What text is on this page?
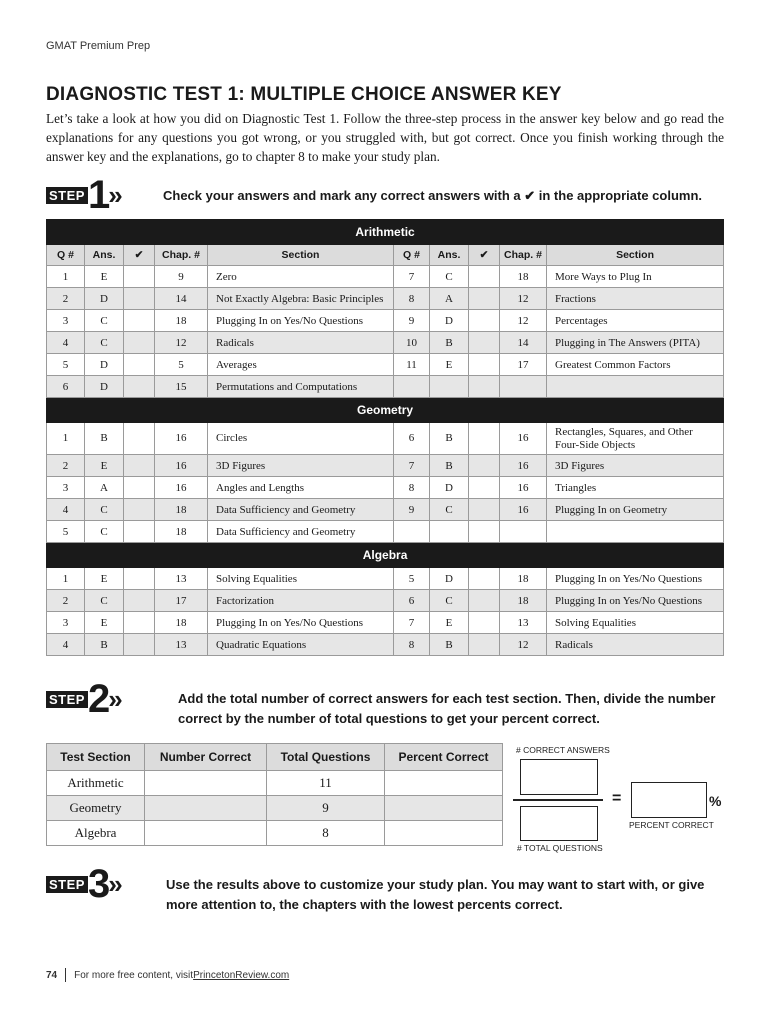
GMAT Premium Prep
DIAGNOSTIC TEST 1: MULTIPLE CHOICE ANSWER KEY
Let’s take a look at how you did on Diagnostic Test 1. Follow the three-step process in the answer key below and go read the explanations for any questions you got wrong, or you struggled with, but got correct. Once you finish working through the answer key and the explanations, go to chapter 8 to make your study plan.
STEP 1 »	Check your answers and mark any correct answers with a ✔ in the appropriate column.
Arithmetic									
Q #	Ans.	✔	Chap. #	Section	Q #	Ans.	✔	Chap. #	Section
1	E		9	Zero	7	C		18	More Ways to Plug In
2	D		14	Not Exactly Algebra: Basic Principles	8	A		12	Fractions
3	C		18	Plugging In on Yes/No Questions	9	D		12	Percentages
4	C		12	Radicals	10	B		14	Plugging in The Answers (PITA)
5	D		5	Averages	11	E		17	Greatest Common Factors
6	D		15	Permutations and Computations					
Geometry									
1	B		16	Circles	6	B		16	Rectangles, Squares, and Other Four-Side Objects
2	E		16	3D Figures	7	B		16	3D Figures
3	A		16	Angles and Lengths	8	D		16	Triangles
4	C		18	Data Sufficiency and Geometry	9	C		16	Plugging In on Geometry
5	C		18	Data Sufficiency and Geometry					
Algebra									
1	E		13	Solving Equalities	5	D		18	Plugging In on Yes/No Questions
2	C		17	Factorization	6	C		18	Plugging In on Yes/No Questions
3	E		18	Plugging In on Yes/No Questions	7	E		13	Solving Equalities
4	B		13	Quadratic Equations	8	B		12	Radicals
STEP 2 »	Add the total number of correct answers for each test section. Then, divide the number correct by the number of total questions to get your percent correct.
Test Section	Number Correct	Total Questions	Percent Correct
Arithmetic		11	
Geometry		9	
Algebra		8	
# CORRECT ANSWERS
# TOTAL QUESTIONS
=	%
PERCENT CORRECT
STEP 3 »	Use the results above to customize your study plan. You may want to start with, or give more attention to, the chapters with the lowest percents correct.
74 For more free content, visit PrincetonReview.com
